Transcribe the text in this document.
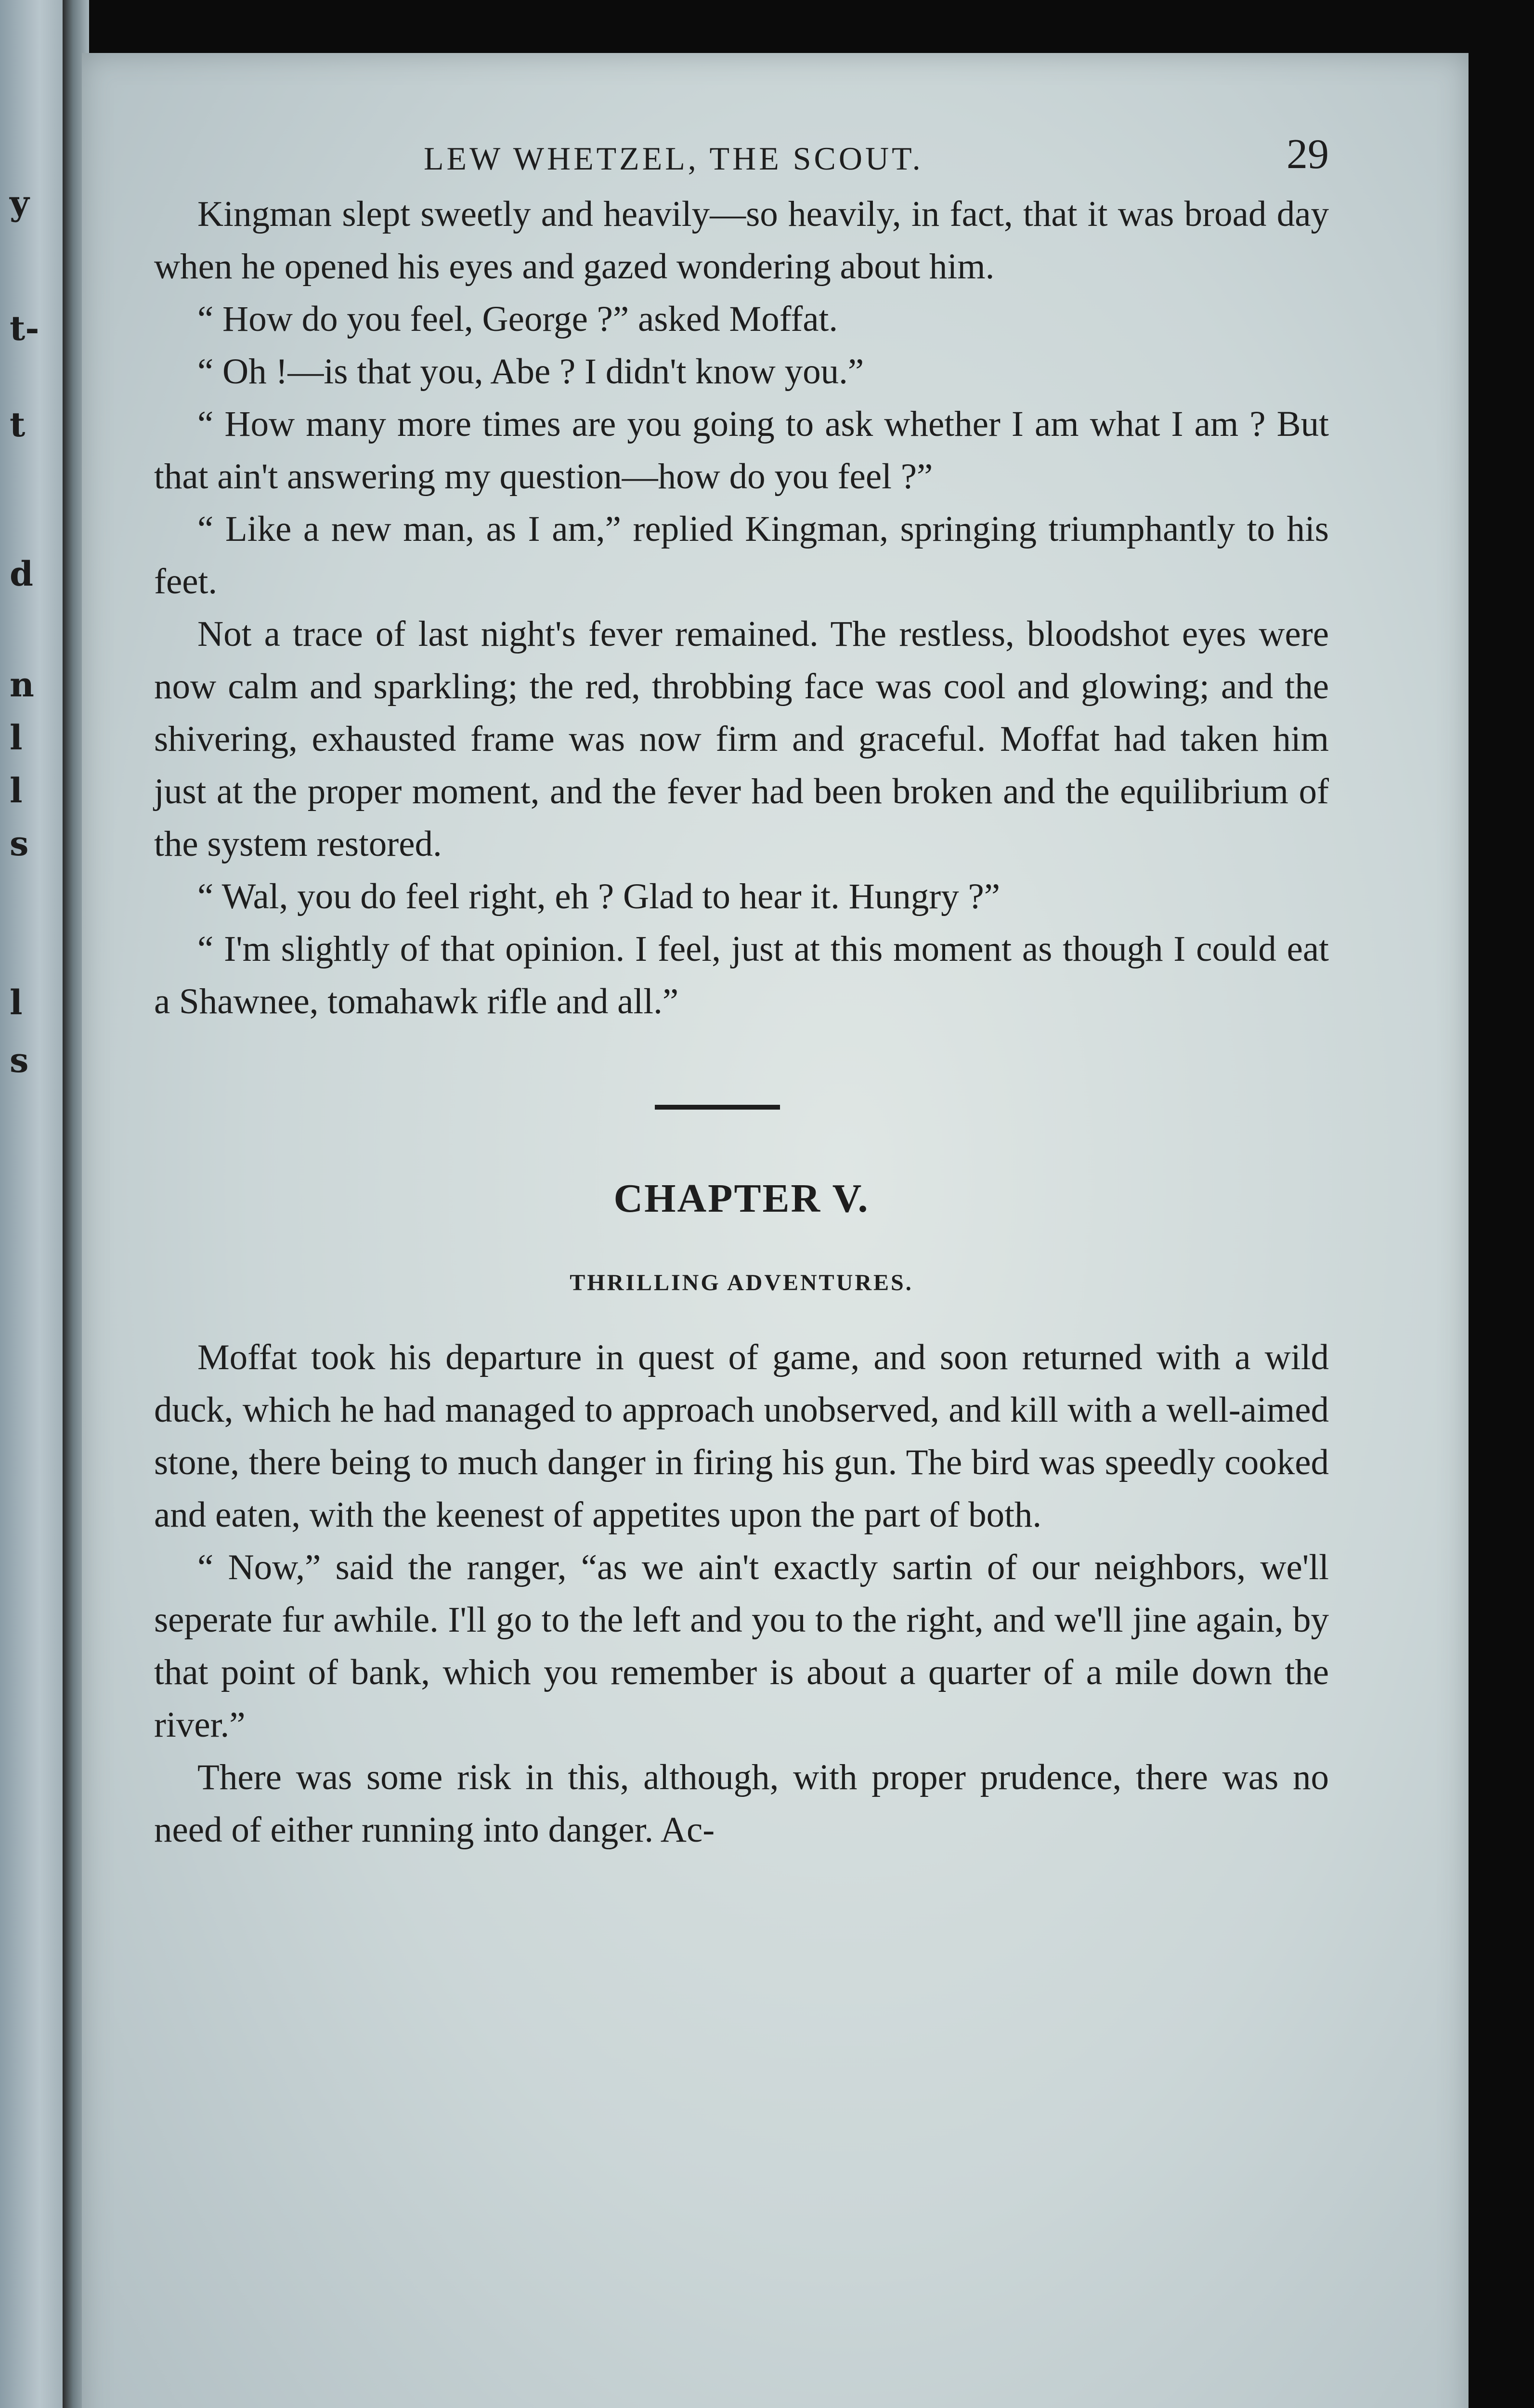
y
t-
t
d
n
l
l
s
l
s
LEW WHETZEL, THE SCOUT.	29

Kingman slept sweetly and heavily—so heavily, in fact, that it was broad day when he opened his eyes and gazed wondering about him.

“ How do you feel, George ?” asked Moffat.

“ Oh !—is that you, Abe ? I didn't know you.”

“ How many more times are you going to ask whether I am what I am ? But that ain't answering my question—how do you feel ?”

“ Like a new man, as I am,” replied Kingman, springing triumphantly to his feet.

Not a trace of last night's fever remained. The restless, bloodshot eyes were now calm and sparkling; the red, throbbing face was cool and glowing; and the shivering, exhausted frame was now firm and graceful. Moffat had taken him just at the proper moment, and the fever had been broken and the equilibrium of the system restored.

“ Wal, you do feel right, eh ? Glad to hear it. Hungry ?”

“ I'm slightly of that opinion. I feel, just at this moment as though I could eat a Shawnee, tomahawk rifle and all.”

CHAPTER V.
THRILLING ADVENTURES.

Moffat took his departure in quest of game, and soon returned with a wild duck, which he had managed to approach unobserved, and kill with a well-aimed stone, there being to much danger in firing his gun. The bird was speedly cooked and eaten, with the keenest of appetites upon the part of both.

“ Now,” said the ranger, “as we ain't exactly sartin of our neighbors, we'll seperate fur awhile. I'll go to the left and you to the right, and we'll jine again, by that point of bank, which you remember is about a quarter of a mile down the river.”

There was some risk in this, although, with proper prudence, there was no need of either running into danger. Ac-
